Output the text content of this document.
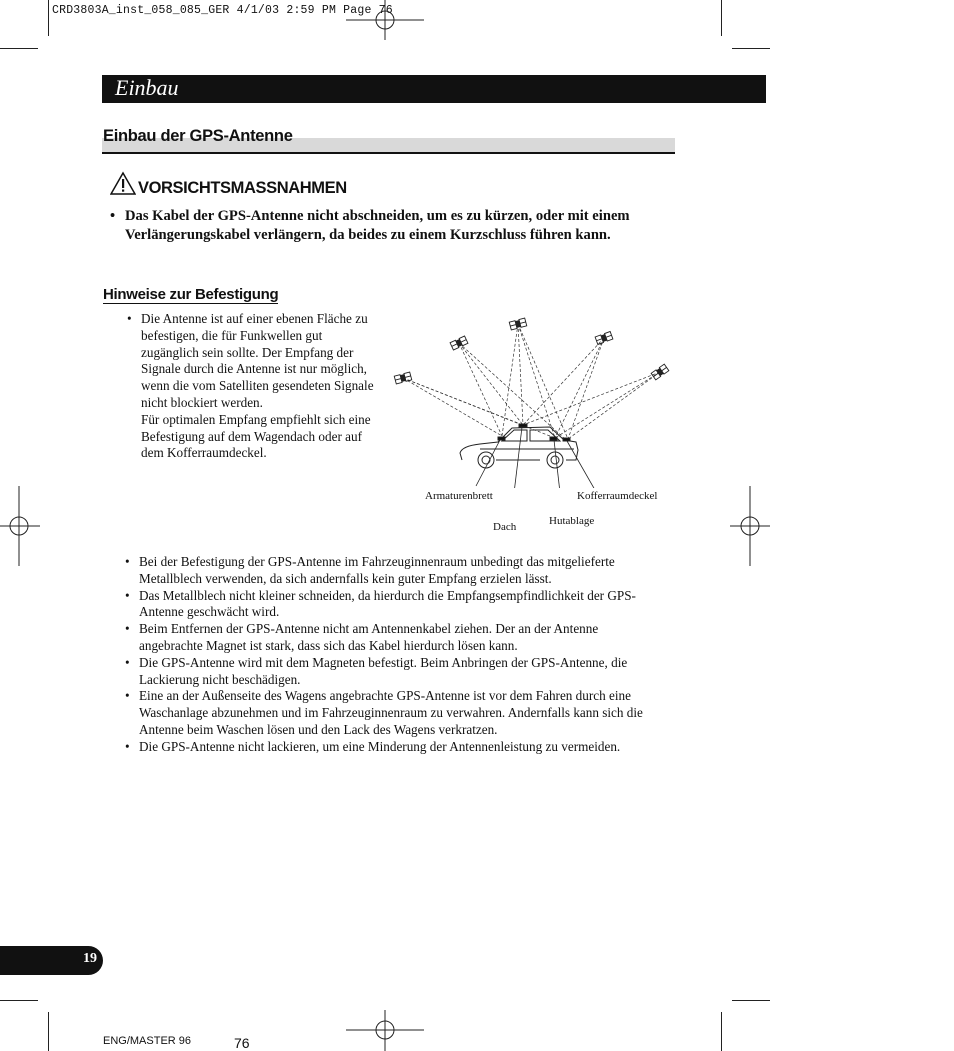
CRD3803A_inst_058_085_GER 4/1/03 2:59 PM Page 76
Einbau
Einbau der GPS-Antenne
VORSICHTSMASSNAHMEN
• Das Kabel der GPS-Antenne nicht abschneiden, um es zu kürzen, oder mit einem Verlängerungskabel verlängern, da beides zu einem Kurzschluss führen kann.
Hinweise zur Befestigung
• Die Antenne ist auf einer ebenen Fläche zu befestigen, die für Funkwellen gut zugänglich sein sollte. Der Empfang der Signale durch die Antenne ist nur möglich, wenn die vom Satelliten gesendeten Signale nicht blockiert werden.
Für optimalen Empfang empfiehlt sich eine Befestigung auf dem Wagendach oder auf dem Kofferraumdeckel.
Armaturenbrett	Kofferraumdeckel
Dach	Hutablage
• Bei der Befestigung der GPS-Antenne im Fahrzeuginnenraum unbedingt das mitgelieferte Metallblech verwenden, da sich andernfalls kein guter Empfang erzielen lässt.
• Das Metallblech nicht kleiner schneiden, da hierdurch die Empfangsempfindlichkeit der GPS-Antenne geschwächt wird.
• Beim Entfernen der GPS-Antenne nicht am Antennenkabel ziehen. Der an der Antenne angebrachte Magnet ist stark, dass sich das Kabel hierdurch lösen kann.
• Die GPS-Antenne wird mit dem Magneten befestigt. Beim Anbringen der GPS-Antenne, die Lackierung nicht beschädigen.
• Eine an der Außenseite des Wagens angebrachte GPS-Antenne ist vor dem Fahren durch eine Waschanlage abzunehmen und im Fahrzeuginnenraum zu verwahren. Andernfalls kann sich die Antenne beim Waschen lösen und den Lack des Wagens verkratzen.
• Die GPS-Antenne nicht lackieren, um eine Minderung der Antennenleistung zu vermeiden.
19
ENG/MASTER 96	76
